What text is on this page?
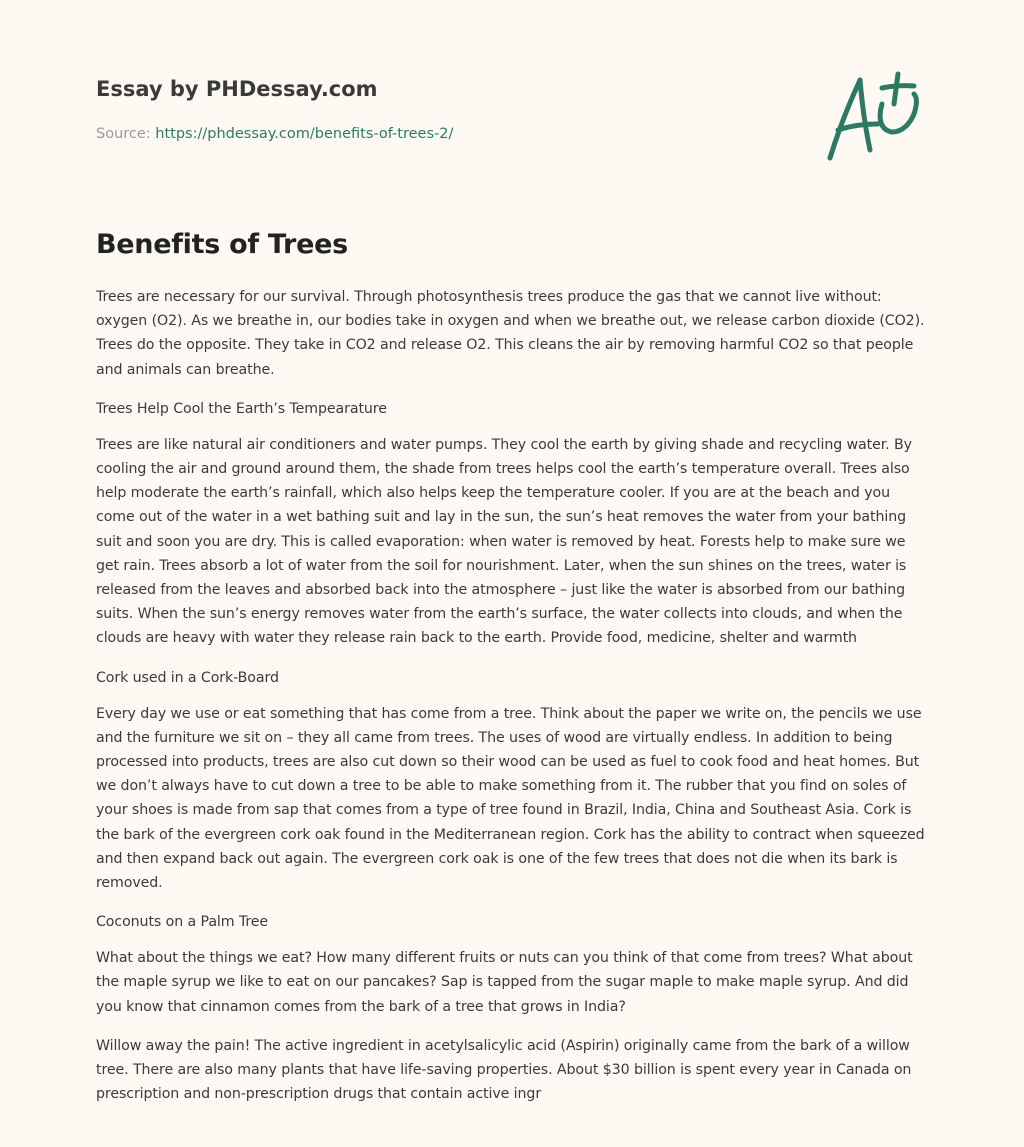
Essay by PHDessay.com
Source: https://phdessay.com/benefits-of-trees-2/
Benefits of Trees

Trees are necessary for our survival. Through photosynthesis trees produce the gas that we cannot live without: oxygen (O2). As we breathe in, our bodies take in oxygen and when we breathe out, we release carbon dioxide (CO2). Trees do the opposite. They take in CO2 and release O2. This cleans the air by removing harmful CO2 so that people and animals can breathe.

Trees Help Cool the Earth’s Tempearature

Trees are like natural air conditioners and water pumps. They cool the earth by giving shade and recycling water. By cooling the air and ground around them, the shade from trees helps cool the earth’s temperature overall. Trees also help moderate the earth’s rainfall, which also helps keep the temperature cooler. If you are at the beach and you come out of the water in a wet bathing suit and lay in the sun, the sun’s heat removes the water from your bathing suit and soon you are dry. This is called evaporation: when water is removed by heat. Forests help to make sure we get rain. Trees absorb a lot of water from the soil for nourishment. Later, when the sun shines on the trees, water is released from the leaves and absorbed back into the atmosphere – just like the water is absorbed from our bathing suits. When the sun’s energy removes water from the earth’s surface, the water collects into clouds, and when the clouds are heavy with water they release rain back to the earth. Provide food, medicine, shelter and warmth

Cork used in a Cork-Board

Every day we use or eat something that has come from a tree. Think about the paper we write on, the pencils we use and the furniture we sit on – they all came from trees. The uses of wood are virtually endless. In addition to being processed into products, trees are also cut down so their wood can be used as fuel to cook food and heat homes. But we don’t always have to cut down a tree to be able to make something from it. The rubber that you find on soles of your shoes is made from sap that comes from a type of tree found in Brazil, India, China and Southeast Asia. Cork is the bark of the evergreen cork oak found in the Mediterranean region. Cork has the ability to contract when squeezed and then expand back out again. The evergreen cork oak is one of the few trees that does not die when its bark is removed.

Coconuts on a Palm Tree

What about the things we eat? How many different fruits or nuts can you think of that come from trees? What about the maple syrup we like to eat on our pancakes? Sap is tapped from the sugar maple to make maple syrup. And did you know that cinnamon comes from the bark of a tree that grows in India?

Willow away the pain! The active ingredient in acetylsalicylic acid (Aspirin) originally came from the bark of a willow tree. There are also many plants that have life-saving properties. About $30 billion is spent every year in Canada on prescription and non-prescription drugs that contain active ingr
